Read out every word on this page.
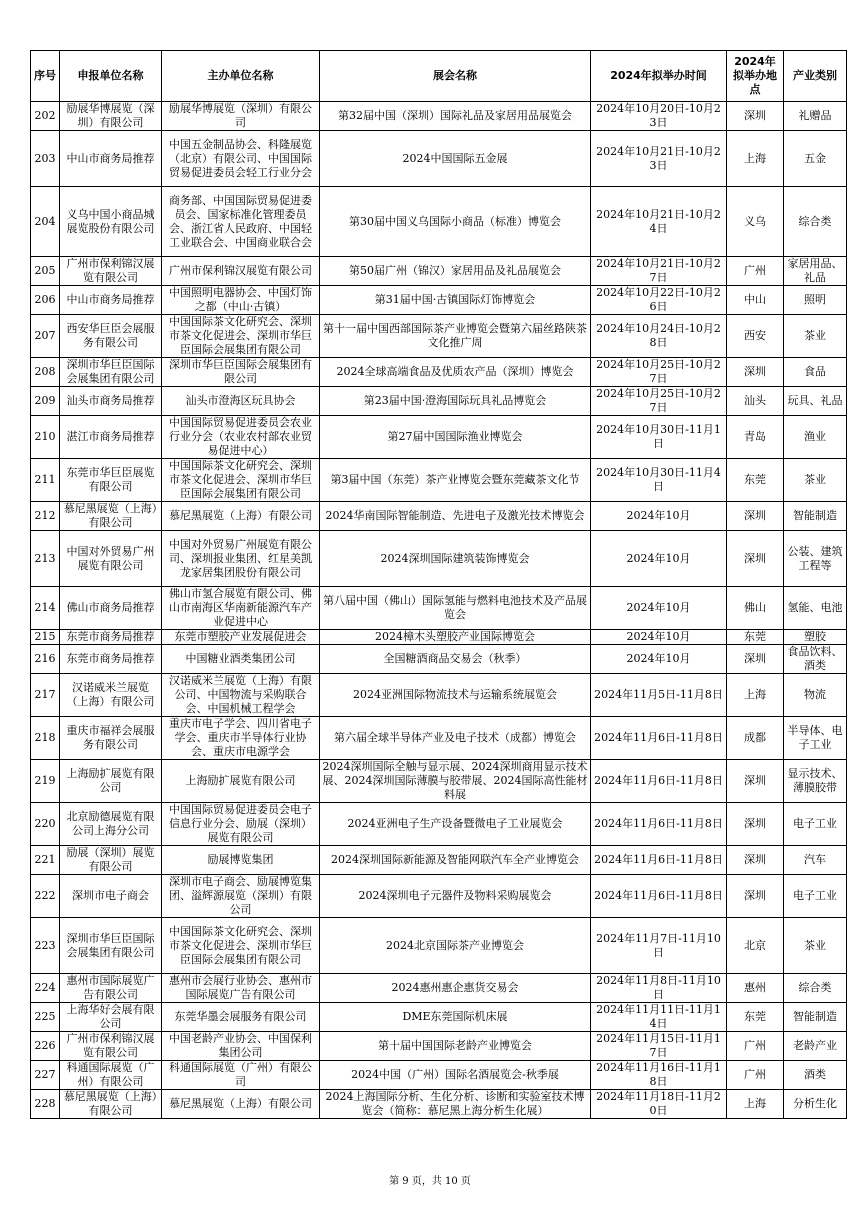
序号	申报单位名称	主办单位名称	展会名称	2024年拟举办时间	2024年拟举办地点	产业类别
202	励展华博展览（深圳）有限公司	励展华博展览（深圳）有限公司	第32届中国（深圳）国际礼品及家居用品展览会	2024年10月20日-10月23日	深圳	礼赠品
203	中山市商务局推荐	中国五金制品协会、科隆展览（北京）有限公司、中国国际贸易促进委员会轻工行业分会	2024中国国际五金展	2024年10月21日-10月23日	上海	五金
204	义乌中国小商品城展览股份有限公司	商务部、中国国际贸易促进委员会、国家标准化管理委员会、浙江省人民政府、中国轻工业联合会、中国商业联合会	第30届中国义乌国际小商品（标准）博览会	2024年10月21日-10月24日	义乌	综合类
205	广州市保利锦汉展览有限公司	广州市保利锦汉展览有限公司	第50届广州（锦汉）家居用品及礼品展览会	2024年10月21日-10月27日	广州	家居用品、礼品
206	中山市商务局推荐	中国照明电器协会、中国灯饰之都（中山·古镇）	第31届中国·古镇国际灯饰博览会	2024年10月22日-10月26日	中山	照明
207	西安华巨臣会展服务有限公司	中国国际茶文化研究会、深圳市茶文化促进会、深圳市华巨臣国际会展集团有限公司	第十一届中国西部国际茶产业博览会暨第六届丝路陕茶文化推广周	2024年10月24日-10月28日	西安	茶业
208	深圳市华巨臣国际会展集团有限公司	深圳市华巨臣国际会展集团有限公司	2024全球高端食品及优质农产品（深圳）博览会	2024年10月25日-10月27日	深圳	食品
209	汕头市商务局推荐	汕头市澄海区玩具协会	第23届中国·澄海国际玩具礼品博览会	2024年10月25日-10月27日	汕头	玩具、礼品
210	湛江市商务局推荐	中国国际贸易促进委员会农业行业分会（农业农村部农业贸易促进中心）	第27届中国国际渔业博览会	2024年10月30日-11月1日	青岛	渔业
211	东莞市华巨臣展览有限公司	中国国际茶文化研究会、深圳市茶文化促进会、深圳市华巨臣国际会展集团有限公司	第3届中国（东莞）茶产业博览会暨东莞藏茶文化节	2024年10月30日-11月4日	东莞	茶业
212	慕尼黑展览（上海）有限公司	慕尼黑展览（上海）有限公司	2024华南国际智能制造、先进电子及激光技术博览会	2024年10月	深圳	智能制造
213	中国对外贸易广州展览有限公司	中国对外贸易广州展览有限公司、深圳报业集团、红星美凯龙家居集团股份有限公司	2024深圳国际建筑装饰博览会	2024年10月	深圳	公装、建筑工程等
214	佛山市商务局推荐	佛山市氢合展览有限公司、佛山市南海区华南新能源汽车产业促进中心	第八届中国（佛山）国际氢能与燃料电池技术及产品展览会	2024年10月	佛山	氢能、电池
215	东莞市商务局推荐	东莞市塑胶产业发展促进会	2024樟木头塑胶产业国际博览会	2024年10月	东莞	塑胶
216	东莞市商务局推荐	中国糖业酒类集团公司	全国糖酒商品交易会（秋季）	2024年10月	深圳	食品饮料、酒类
217	汉诺威米兰展览（上海）有限公司	汉诺威米兰展览（上海）有限公司、中国物流与采购联合会、中国机械工程学会	2024亚洲国际物流技术与运输系统展览会	2024年11月5日-11月8日	上海	物流
218	重庆市福祥会展服务有限公司	重庆市电子学会、四川省电子学会、重庆市半导体行业协会、重庆市电源学会	第六届全球半导体产业及电子技术（成都）博览会	2024年11月6日-11月8日	成都	半导体、电子工业
219	上海励扩展览有限公司	上海励扩展览有限公司	2024深圳国际全触与显示展、2024深圳商用显示技术展、2024深圳国际薄膜与胶带展、2024国际高性能材料展	2024年11月6日-11月8日	深圳	显示技术、薄膜胶带
220	北京励德展览有限公司上海分公司	中国国际贸易促进委员会电子信息行业分会、励展（深圳）展览有限公司	2024亚洲电子生产设备暨微电子工业展览会	2024年11月6日-11月8日	深圳	电子工业
221	励展（深圳）展览有限公司	励展博览集团	2024深圳国际新能源及智能网联汽车全产业博览会	2024年11月6日-11月8日	深圳	汽车
222	深圳市电子商会	深圳市电子商会、励展博览集团、溢辉源展览（深圳）有限公司	2024深圳电子元器件及物料采购展览会	2024年11月6日-11月8日	深圳	电子工业
223	深圳市华巨臣国际会展集团有限公司	中国国际茶文化研究会、深圳市茶文化促进会、深圳市华巨臣国际会展集团有限公司	2024北京国际茶产业博览会	2024年11月7日-11月10日	北京	茶业
224	惠州市国际展览广告有限公司	惠州市会展行业协会、惠州市国际展览广告有限公司	2024惠州惠企惠货交易会	2024年11月8日-11月10日	惠州	综合类
225	上海华好会展有限公司	东莞华墨会展服务有限公司	DME东莞国际机床展	2024年11月11日-11月14日	东莞	智能制造
226	广州市保利锦汉展览有限公司	中国老龄产业协会、中国保利集团公司	第十届中国国际老龄产业博览会	2024年11月15日-11月17日	广州	老龄产业
227	科通国际展览（广州）有限公司	科通国际展览（广州）有限公司	2024中国（广州）国际名酒展览会-秋季展	2024年11月16日-11月18日	广州	酒类
228	慕尼黑展览（上海）有限公司	慕尼黑展览（上海）有限公司	2024上海国际分析、生化分析、诊断和实验室技术博览会（简称：慕尼黑上海分析生化展）	2024年11月18日-11月20日	上海	分析生化
第 9 页，共 10 页
